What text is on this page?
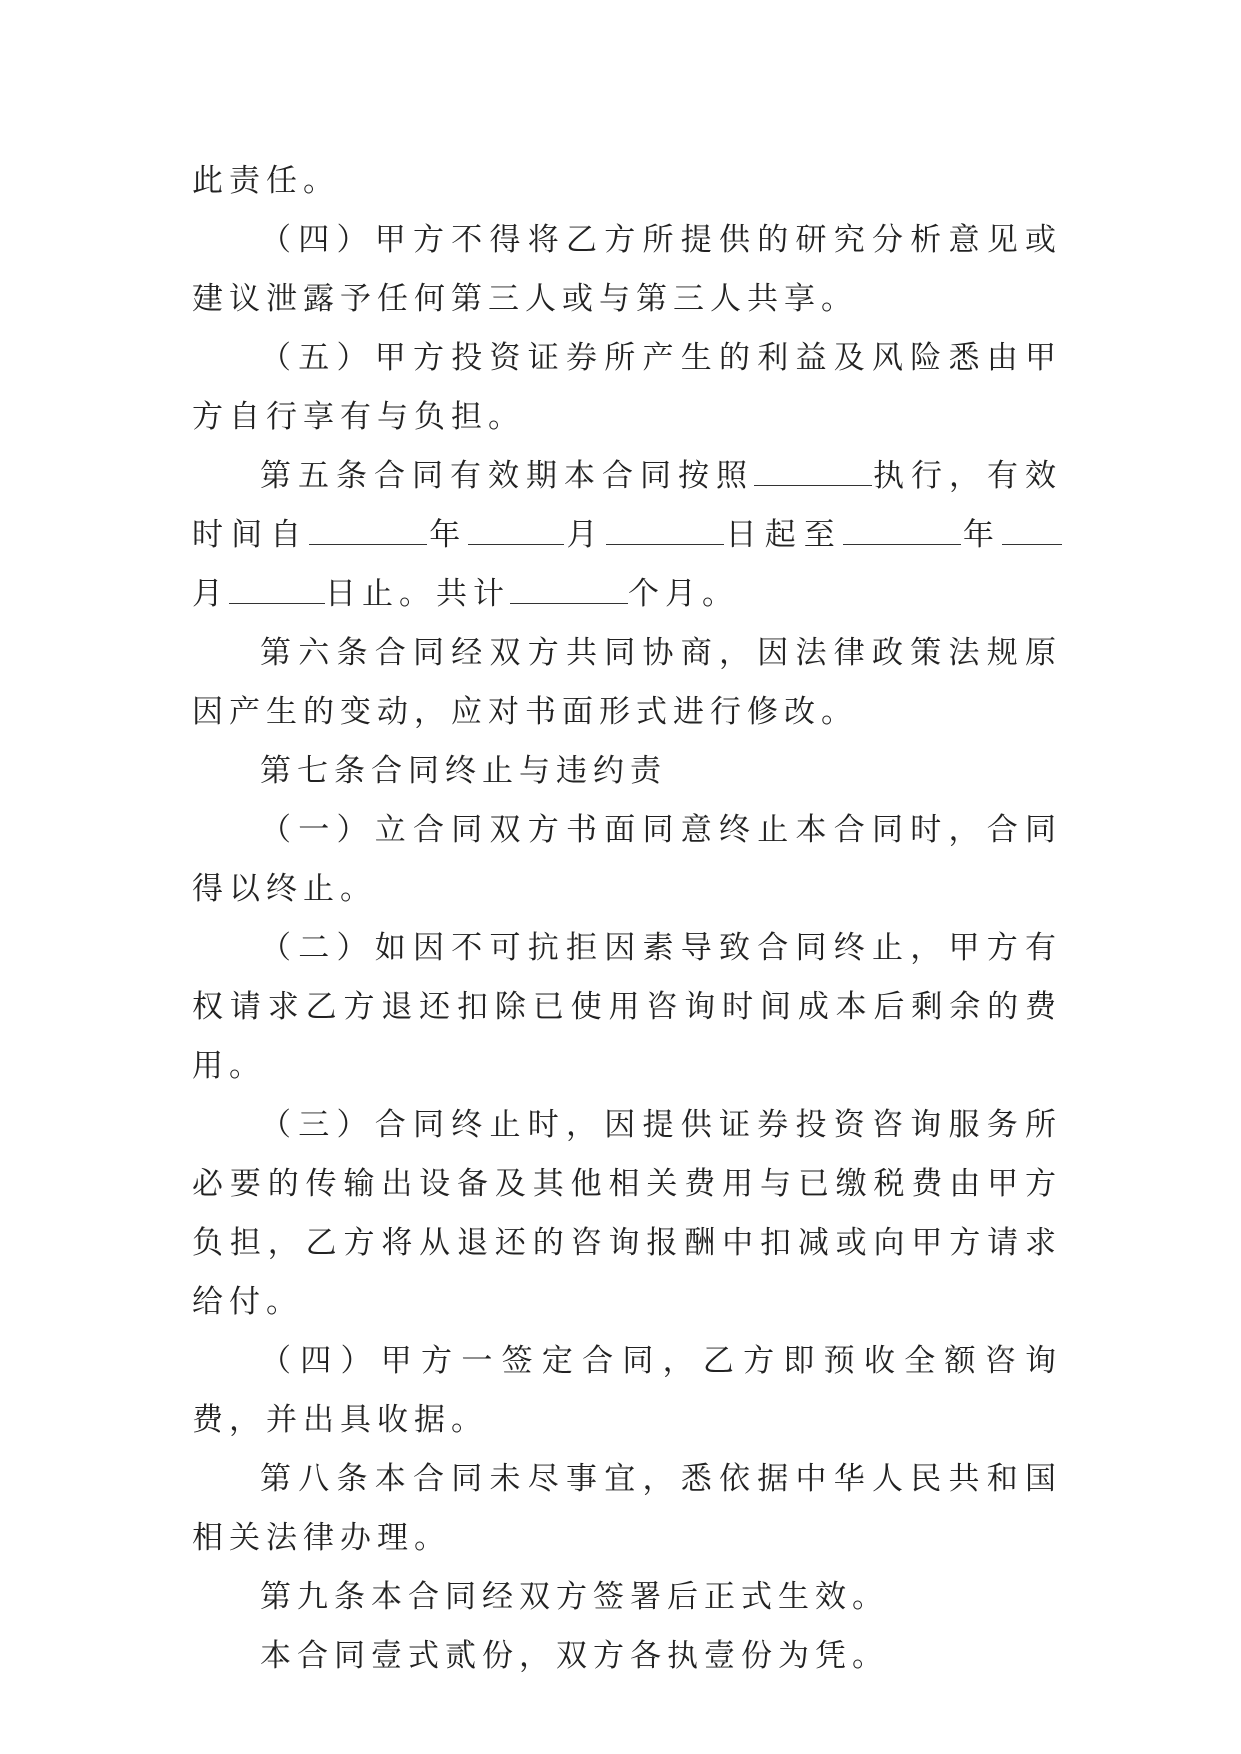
此责任。

（四）甲方不得将乙方所提供的研究分析意见或建议泄露予任何第三人或与第三人共享。

（五）甲方投资证券所产生的利益及风险悉由甲方自行享有与负担。

第五条合同有效期本合同按照	执行，有效时间自	年	月	日起至	年月	日止。共计	个月。

第六条合同经双方共同协商，因法律政策法规原因产生的变动，应对书面形式进行修改。

第七条合同终止与违约责

（一）立合同双方书面同意终止本合同时，合同得以终止。

（二）如因不可抗拒因素导致合同终止，甲方有权请求乙方退还扣除已使用咨询时间成本后剩余的费用。

（三）合同终止时，因提供证券投资咨询服务所必要的传输出设备及其他相关费用与已缴税费由甲方负担，乙方将从退还的咨询报酬中扣减或向甲方请求给付。

（四）甲方一签定合同，乙方即预收全额咨询费，并出具收据。

第八条本合同未尽事宜，悉依据中华人民共和国相关法律办理。

第九条本合同经双方签署后正式生效。

本合同壹式贰份，双方各执壹份为凭。
